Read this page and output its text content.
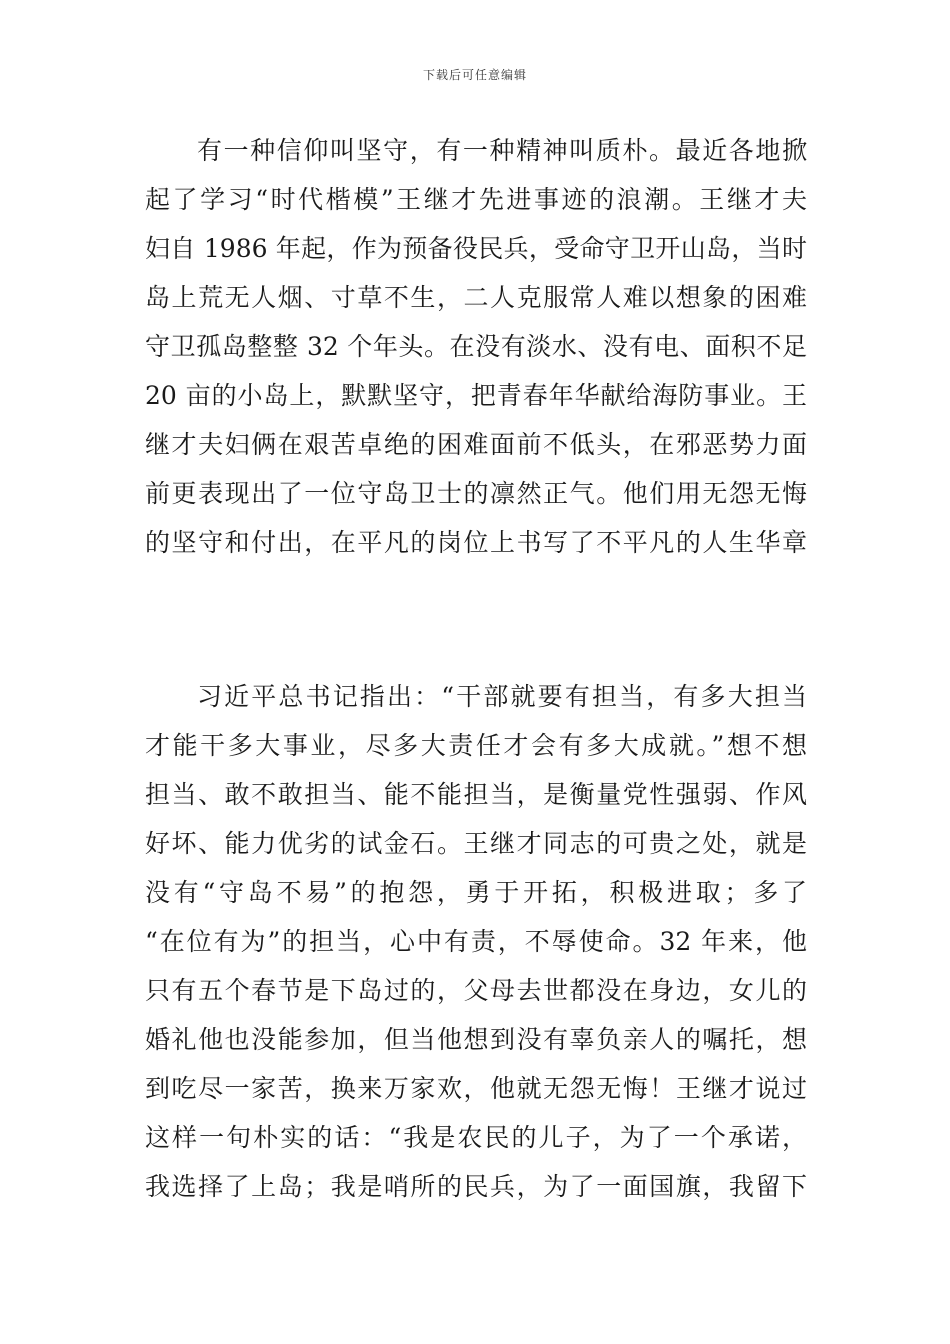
下载后可任意编辑
有一种信仰叫坚守，有一种精神叫质朴。最近各地掀
起了学习“时代楷模”王继才先进事迹的浪潮。王继才夫
妇自 1986 年起，作为预备役民兵，受命守卫开山岛，当时
岛上荒无人烟、寸草不生，二人克服常人难以想象的困难
守卫孤岛整整 32 个年头。在没有淡水、没有电、面积不足
20 亩的小岛上，默默坚守，把青春年华献给海防事业。王
继才夫妇俩在艰苦卓绝的困难面前不低头，在邪恶势力面
前更表现出了一位守岛卫士的凛然正气。他们用无怨无悔
的坚守和付出，在平凡的岗位上书写了不平凡的人生华章
习近平总书记指出：“干部就要有担当，有多大担当
才能干多大事业，尽多大责任才会有多大成就。”想不想
担当、敢不敢担当、能不能担当，是衡量党性强弱、作风
好坏、能力优劣的试金石。王继才同志的可贵之处，就是
没有“守岛不易”的抱怨，勇于开拓，积极进取；多了
“在位有为”的担当，心中有责，不辱使命。32 年来，他
只有五个春节是下岛过的，父母去世都没在身边，女儿的
婚礼他也没能参加，但当他想到没有辜负亲人的嘱托，想
到吃尽一家苦，换来万家欢，他就无怨无悔！王继才说过
这样一句朴实的话：“我是农民的儿子，为了一个承诺，
我选择了上岛；我是哨所的民兵，为了一面国旗，我留下
